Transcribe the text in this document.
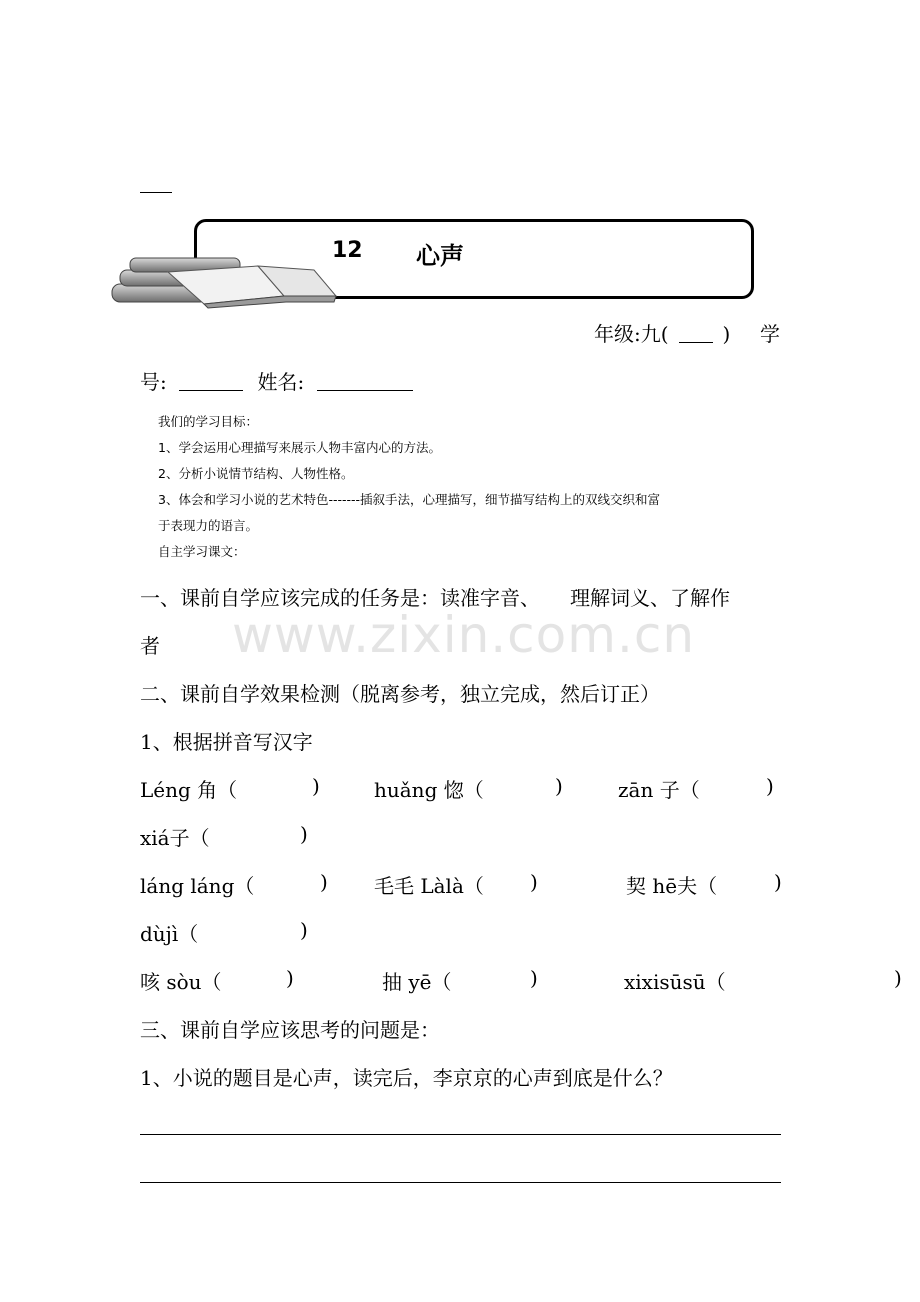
12 心声
年级:九(	) 学
号:	姓名:
我们的学习目标：
1、学会运用心理描写来展示人物丰富内心的方法。
2、分析小说情节结构、人物性格。
3、体会和学习小说的艺术特色-------插叙手法，心理描写，细节描写结构上的双线交织和富
于表现力的语言。
自主学习课文：
www.zixin.com.cn
一、课前自学应该完成的任务是：读准字音、　　理解词义、了解作
者
二、课前自学效果检测（脱离参考，独立完成，然后订正）
1、根据拼音写汉字
Léng 角（	)	huǎng 惚（	)	zān 子（	)
xiá子（	)
láng láng（	) 毛毛 Làlà（ )	契 hē夫（	)
dùjì（	)
咳 sòu（	)	抽 yē（	)	xixisūsū（	)
三、课前自学应该思考的问题是：
1、小说的题目是心声，读完后，李京京的心声到底是什么？
